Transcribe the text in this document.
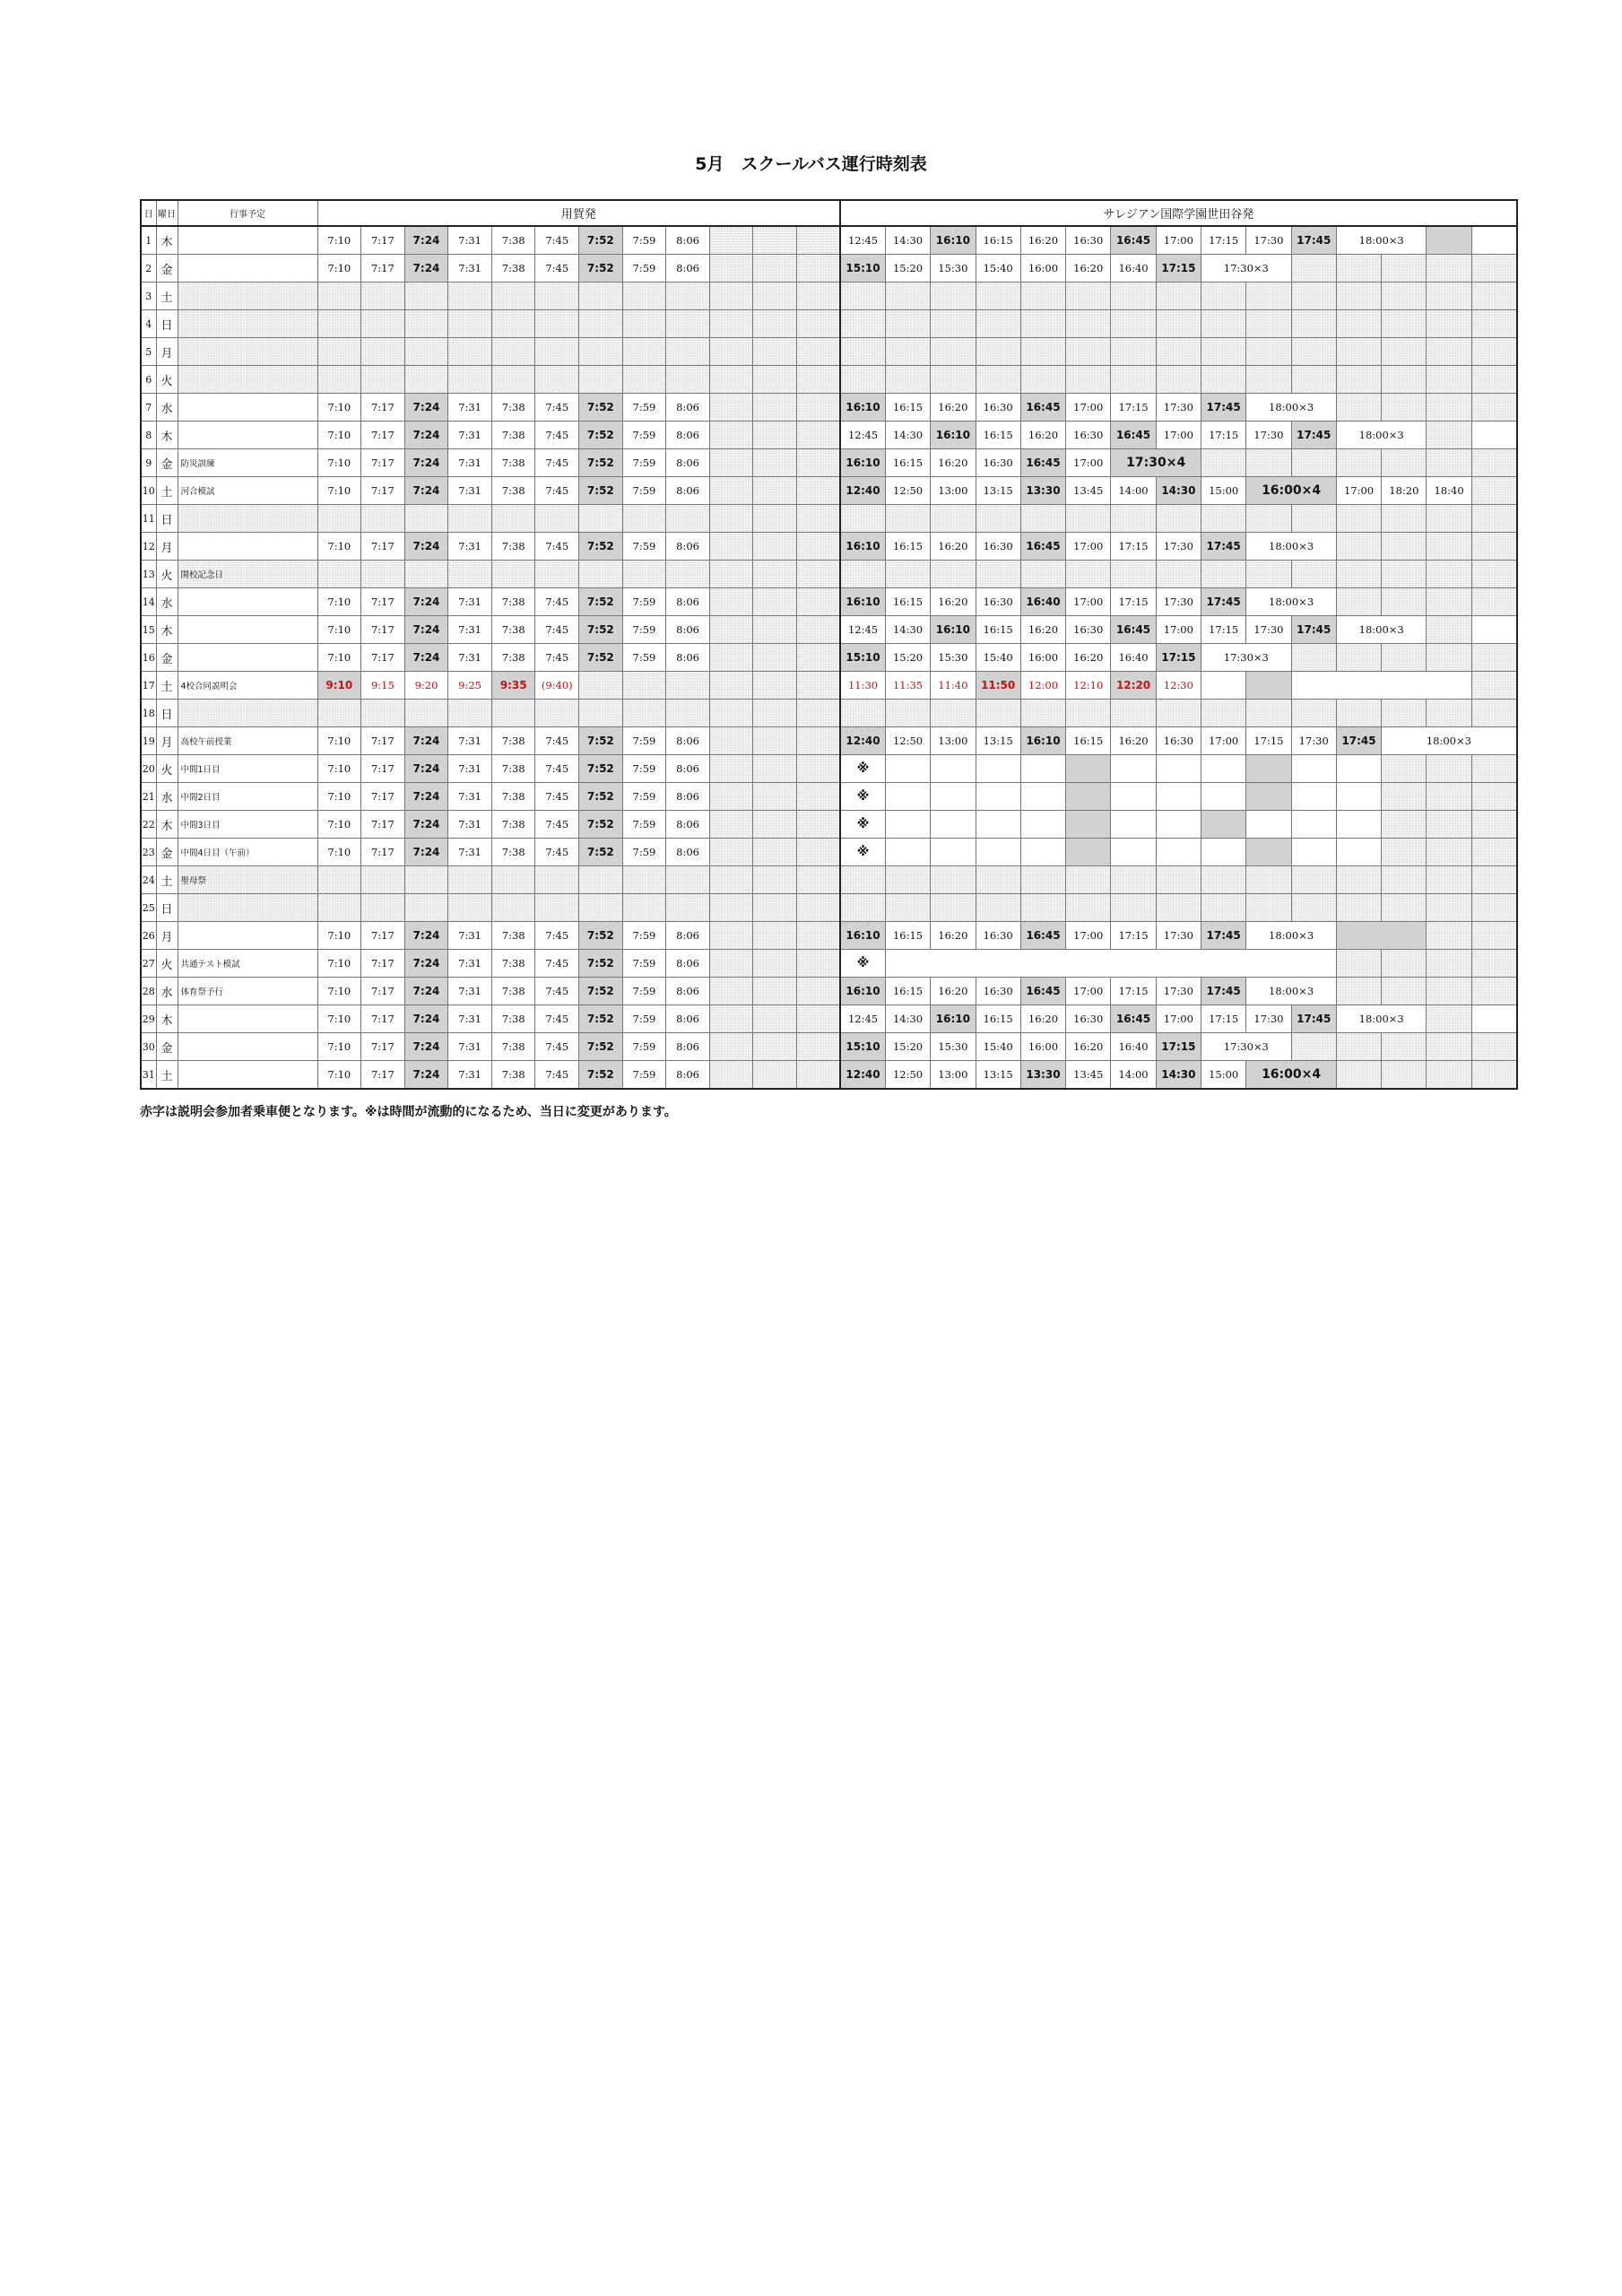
5月　スクールバス運行時刻表
日	曜日	行事予定	用賀発												サレジアン国際学園世田谷発														
1	木		7:10	7:17	7:24	7:31	7:38	7:45	7:52	7:59	8:06				12:45	14:30	16:10	16:15	16:20	16:30	16:45	17:00	17:15	17:30	17:45	18:00×3			
2	金		7:10	7:17	7:24	7:31	7:38	7:45	7:52	7:59	8:06				15:10	15:20	15:30	15:40	16:00	16:20	16:40	17:15	17:30×3						
3	土																												
4	日																												
5	月																												
6	火																												
7	水		7:10	7:17	7:24	7:31	7:38	7:45	7:52	7:59	8:06				16:10	16:15	16:20	16:30	16:45	17:00	17:15	17:30	17:45	18:00×3					
8	木		7:10	7:17	7:24	7:31	7:38	7:45	7:52	7:59	8:06				12:45	14:30	16:10	16:15	16:20	16:30	16:45	17:00	17:15	17:30	17:45	18:00×3			
9	金	防災訓練	7:10	7:17	7:24	7:31	7:38	7:45	7:52	7:59	8:06				16:10	16:15	16:20	16:30	16:45	17:00	17:30×4								
10	土	河合模試	7:10	7:17	7:24	7:31	7:38	7:45	7:52	7:59	8:06				12:40	12:50	13:00	13:15	13:30	13:45	14:00	14:30	15:00	16:00×4		17:00	18:20	18:40	
11	日																												
12	月		7:10	7:17	7:24	7:31	7:38	7:45	7:52	7:59	8:06				16:10	16:15	16:20	16:30	16:45	17:00	17:15	17:30	17:45	18:00×3					
13	火	開校記念日																											
14	水		7:10	7:17	7:24	7:31	7:38	7:45	7:52	7:59	8:06				16:10	16:15	16:20	16:30	16:40	17:00	17:15	17:30	17:45	18:00×3					
15	木		7:10	7:17	7:24	7:31	7:38	7:45	7:52	7:59	8:06				12:45	14:30	16:10	16:15	16:20	16:30	16:45	17:00	17:15	17:30	17:45	18:00×3			
16	金		7:10	7:17	7:24	7:31	7:38	7:45	7:52	7:59	8:06				15:10	15:20	15:30	15:40	16:00	16:20	16:40	17:15	17:30×3						
17	土	4校合同説明会	9:10	9:15	9:20	9:25	9:35	(9:40)							11:30	11:35	11:40	11:50	12:00	12:10	12:20	12:30							
18	日																												
19	月	高校午前授業	7:10	7:17	7:24	7:31	7:38	7:45	7:52	7:59	8:06				12:40	12:50	13:00	13:15	16:10	16:15	16:20	16:30	17:00	17:15	17:30	17:45	18:00×3		
20	火	中間1日目	7:10	7:17	7:24	7:31	7:38	7:45	7:52	7:59	8:06				※														
21	水	中間2日目	7:10	7:17	7:24	7:31	7:38	7:45	7:52	7:59	8:06				※														
22	木	中間3日目	7:10	7:17	7:24	7:31	7:38	7:45	7:52	7:59	8:06				※														
23	金	中間4日目（午前）	7:10	7:17	7:24	7:31	7:38	7:45	7:52	7:59	8:06				※														
24	土	聖母祭																											
25	日																												
26	月		7:10	7:17	7:24	7:31	7:38	7:45	7:52	7:59	8:06				16:10	16:15	16:20	16:30	16:45	17:00	17:15	17:30	17:45	18:00×3					
27	火	共通テスト模試	7:10	7:17	7:24	7:31	7:38	7:45	7:52	7:59	8:06				※														
28	水	体育祭予行	7:10	7:17	7:24	7:31	7:38	7:45	7:52	7:59	8:06				16:10	16:15	16:20	16:30	16:45	17:00	17:15	17:30	17:45	18:00×3					
29	木		7:10	7:17	7:24	7:31	7:38	7:45	7:52	7:59	8:06				12:45	14:30	16:10	16:15	16:20	16:30	16:45	17:00	17:15	17:30	17:45	18:00×3			
30	金		7:10	7:17	7:24	7:31	7:38	7:45	7:52	7:59	8:06				15:10	15:20	15:30	15:40	16:00	16:20	16:40	17:15	17:30×3						
31	土		7:10	7:17	7:24	7:31	7:38	7:45	7:52	7:59	8:06				12:40	12:50	13:00	13:15	13:30	13:45	14:00	14:30	15:00	16:00×4					
赤字は説明会参加者乗車便となります。※は時間が流動的になるため、当日に変更があります。
